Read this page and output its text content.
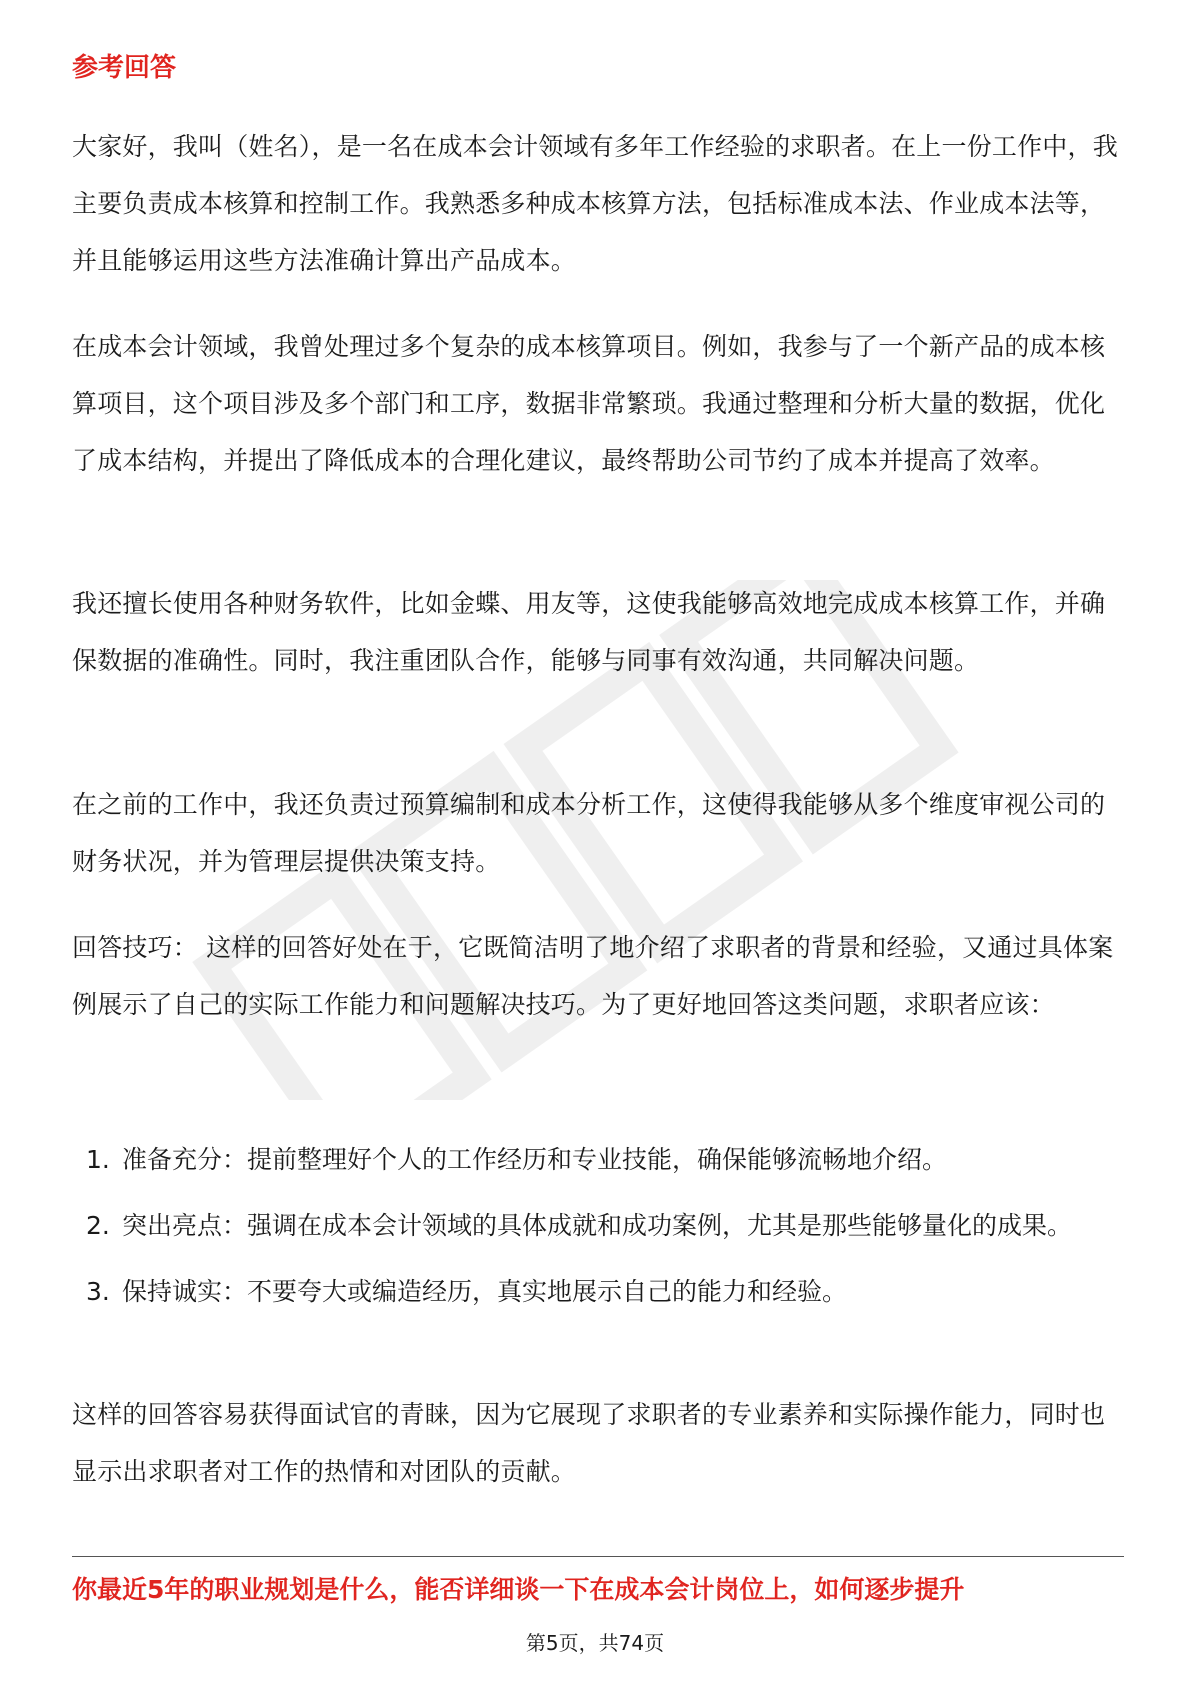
参考回答

大家好，我叫（姓名），是一名在成本会计领域有多年工作经验的求职者。在上一份工作中，我主要负责成本核算和控制工作。我熟悉多种成本核算方法，包括标准成本法、作业成本法等，并且能够运用这些方法准确计算出产品成本。

在成本会计领域，我曾处理过多个复杂的成本核算项目。例如，我参与了一个新产品的成本核算项目，这个项目涉及多个部门和工序，数据非常繁琐。我通过整理和分析大量的数据，优化了成本结构，并提出了降低成本的合理化建议，最终帮助公司节约了成本并提高了效率。

我还擅长使用各种财务软件，比如金蝶、用友等，这使我能够高效地完成成本核算工作，并确保数据的准确性。同时，我注重团队合作，能够与同事有效沟通，共同解决问题。

在之前的工作中，我还负责过预算编制和成本分析工作，这使得我能够从多个维度审视公司的财务状况，并为管理层提供决策支持。

回答技巧： 这样的回答好处在于，它既简洁明了地介绍了求职者的背景和经验，又通过具体案例展示了自己的实际工作能力和问题解决技巧。为了更好地回答这类问题，求职者应该：

1. 准备充分：提前整理好个人的工作经历和专业技能，确保能够流畅地介绍。
2. 突出亮点：强调在成本会计领域的具体成就和成功案例，尤其是那些能够量化的成果。
3. 保持诚实：不要夸大或编造经历，真实地展示自己的能力和经验。

这样的回答容易获得面试官的青睐，因为它展现了求职者的专业素养和实际操作能力，同时也显示出求职者对工作的热情和对团队的贡献。

你最近5年的职业规划是什么，能否详细谈一下在成本会计岗位上，如何逐步提升

第5页，共74页
